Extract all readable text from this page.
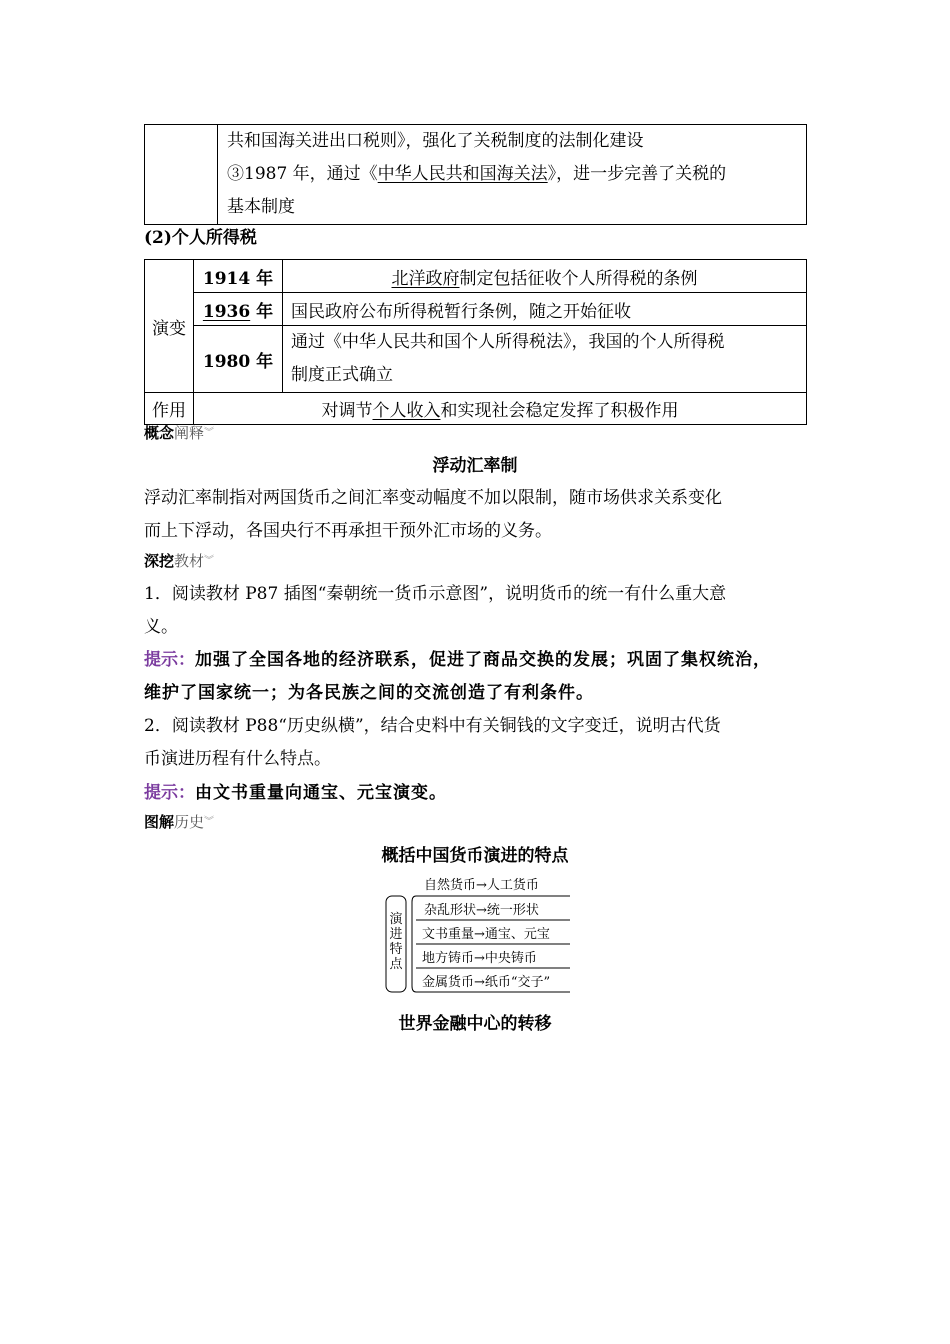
共和国海关进出口税则》，强化了关税制度的法制化建设
③1987 年，通过《中华人民共和国海关法》，进一步完善了关税的
基本制度
(2)个人所得税
演变	1914 年	北洋政府制定包括征收个人所得税的条例
	1936 年	国民政府公布所得税暂行条例，随之开始征收
	1980 年	通过《中华人民共和国个人所得税法》，我国的个人所得税
制度正式确立

作用	对调节个人收入和实现社会稳定发挥了积极作用	
概念阐释︾
浮动汇率制
浮动汇率制指对两国货币之间汇率变动幅度不加以限制，随市场供求关系变化
而上下浮动，各国央行不再承担干预外汇市场的义务。
深挖教材︾
1．阅读教材 P87 插图“秦朝统一货币示意图”，说明货币的统一有什么重大意
义。
提示：加强了全国各地的经济联系，促进了商品交换的发展；巩固了集权统治，
维护了国家统一；为各民族之间的交流创造了有利条件。
2．阅读教材 P88“历史纵横”，结合史料中有关铜钱的文字变迁，说明古代货
币演进历程有什么特点。
提示：由文书重量向通宝、元宝演变。
图解历史︾
概括中国货币演进的特点
演
进
特
点
自然货币→人工货币
杂乱形状→统一形状
文书重量→通宝、元宝
地方铸币→中央铸币
金属货币→纸币“交子”
世界金融中心的转移
